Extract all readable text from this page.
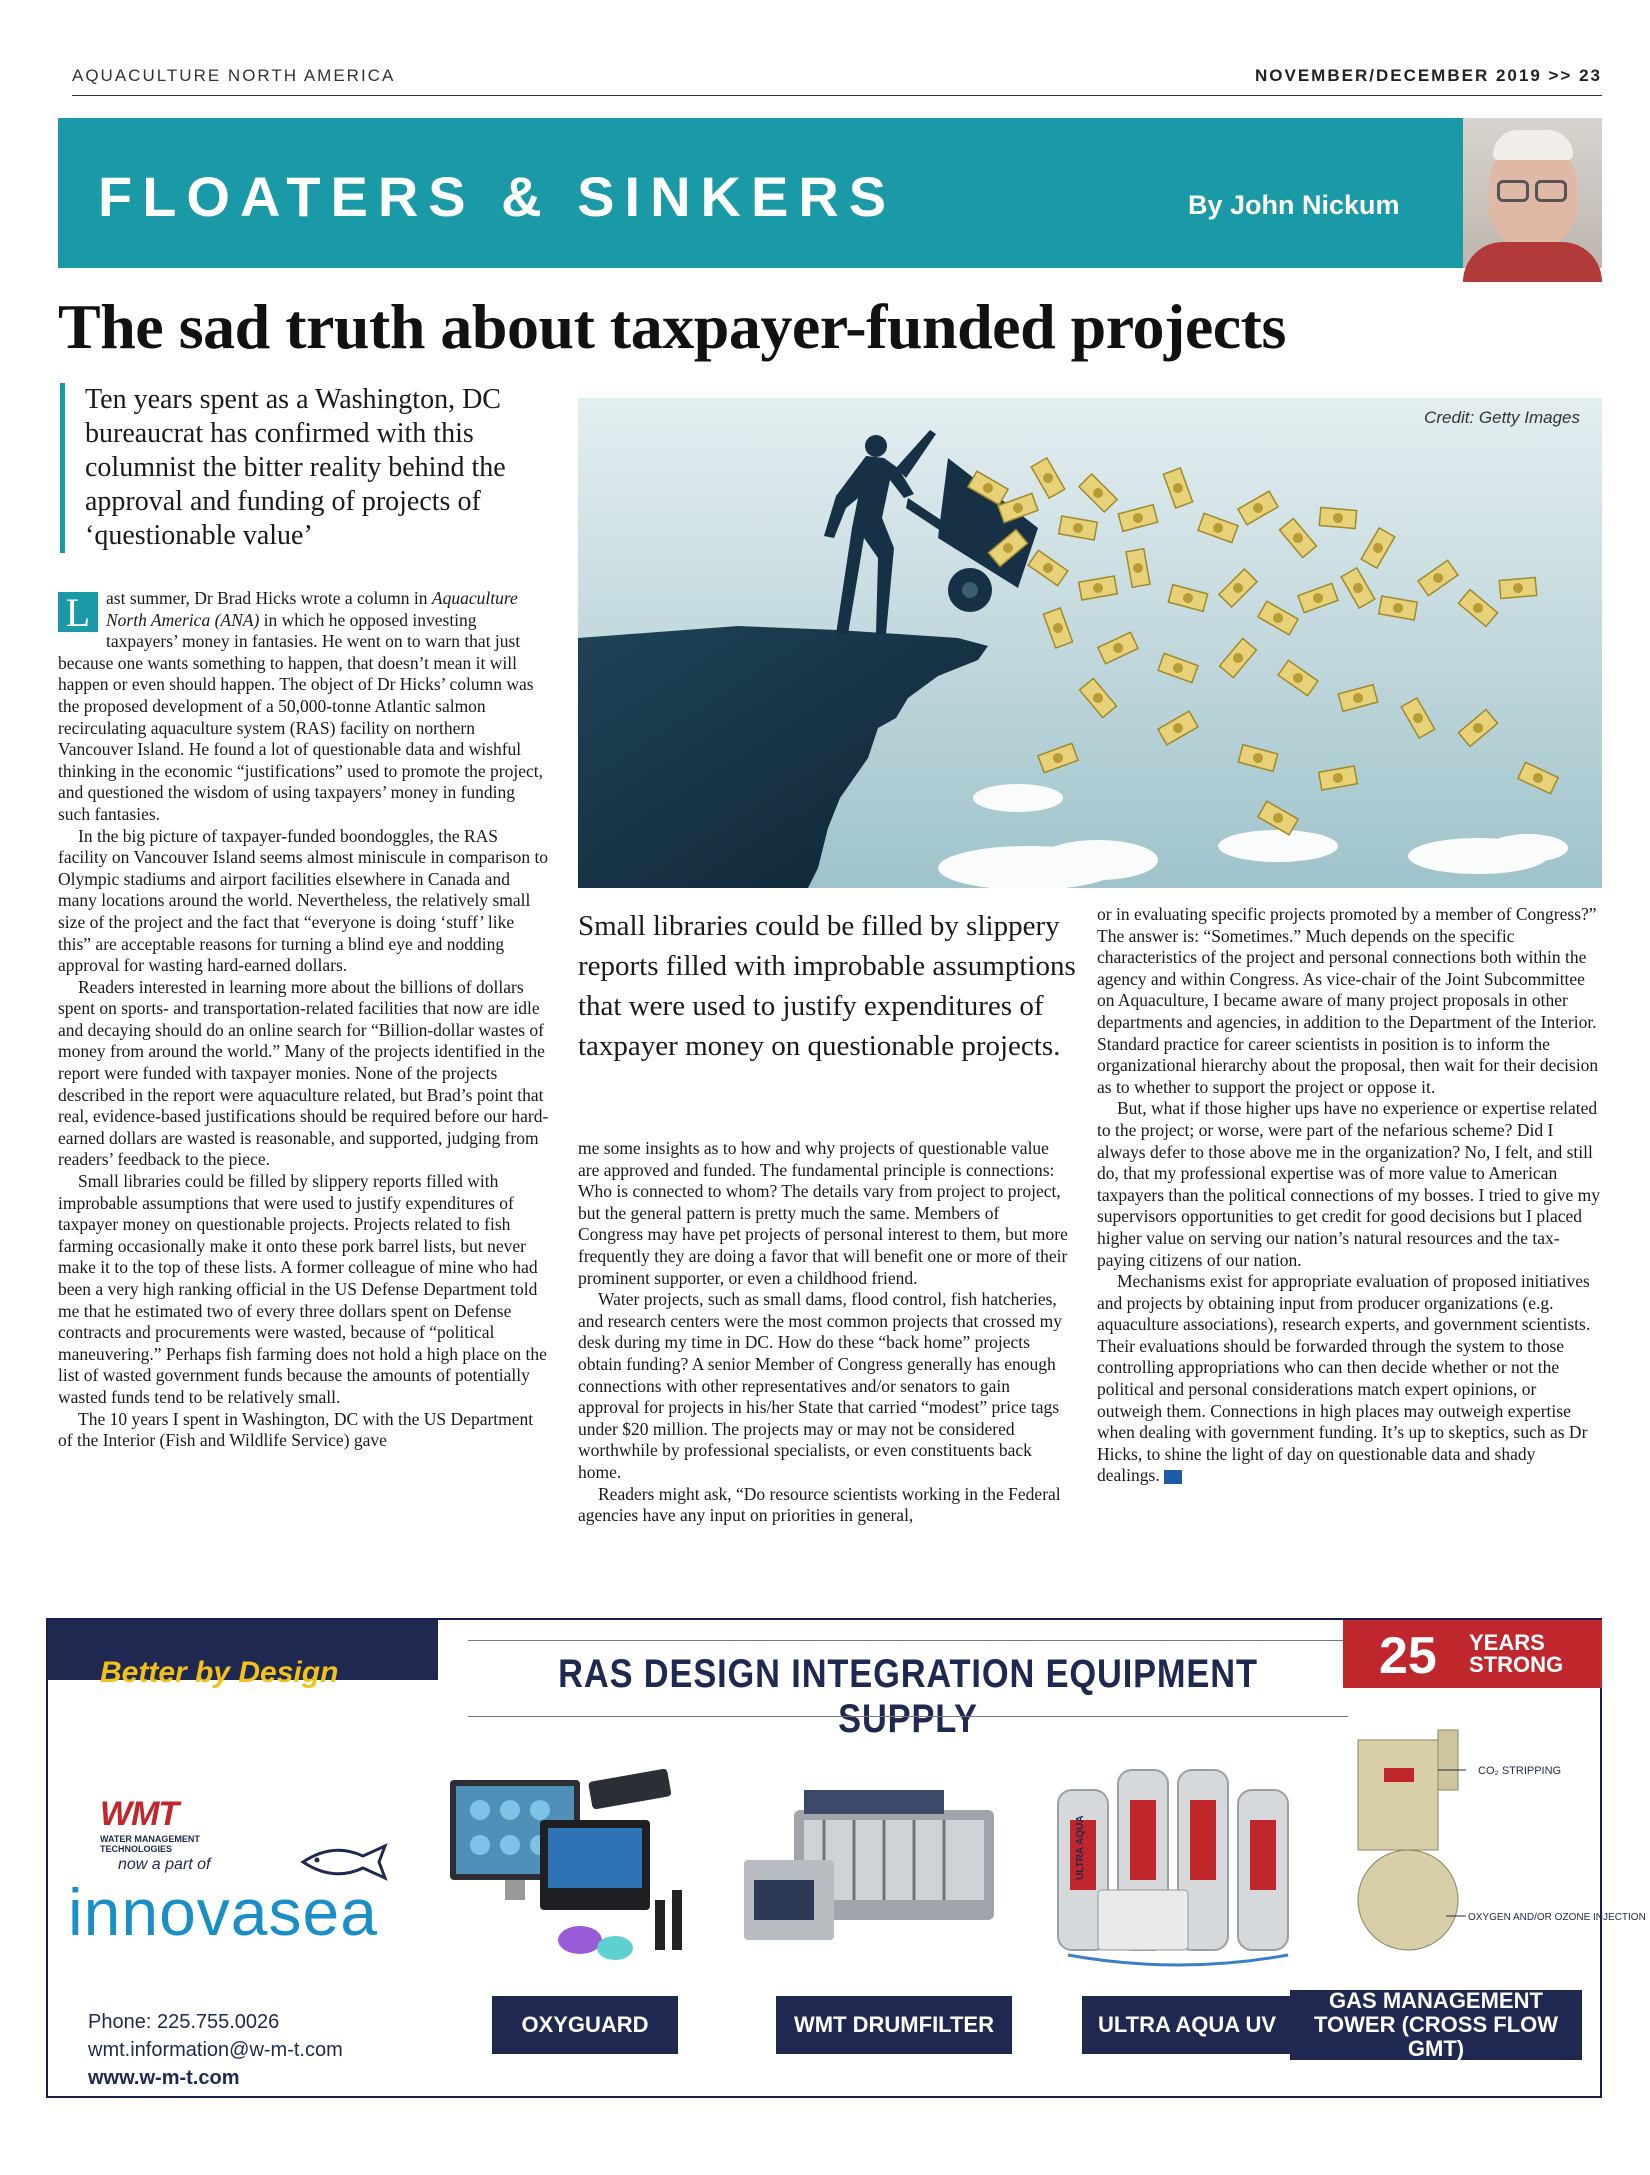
AQUACULTURE NORTH AMERICA	NOVEMBER/DECEMBER 2019 >> 23
FLOATERS & SINKERS	By John Nickum
The sad truth about taxpayer-funded projects
Ten years spent as a Washington, DC bureaucrat has confirmed with this columnist the bitter reality behind the approval and funding of projects of ‘questionable value’
Credit: Getty Images

L ast summer, Dr Brad Hicks wrote a column in Aquaculture North America (ANA) in which he opposed investing taxpayers’ money in fantasies. He went on to warn that just because one wants something to happen, that doesn’t mean it will happen or even should happen. The object of Dr Hicks’ column was the proposed development of a 50,000-tonne Atlantic salmon recirculating aquaculture system (RAS) facility on northern Vancouver Island. He found a lot of questionable data and wishful thinking in the economic “justifications” used to promote the project, and questioned the wisdom of using taxpayers’ money in funding such fantasies.

In the big picture of taxpayer-funded boondoggles, the RAS facility on Vancouver Island seems almost miniscule in comparison to Olympic stadiums and airport facilities elsewhere in Canada and many locations around the world. Nevertheless, the relatively small size of the project and the fact that “everyone is doing ‘stuff’ like this” are acceptable reasons for turning a blind eye and nodding approval for wasting hard-earned dollars.

Readers interested in learning more about the billions of dollars spent on sports- and transportation-related facilities that now are idle and decaying should do an online search for “Billion-dollar wastes of money from around the world.” Many of the projects identified in the report were funded with taxpayer monies. None of the projects described in the report were aquaculture related, but Brad’s point that real, evidence-based justifications should be required before our hard-earned dollars are wasted is reasonable, and supported, judging from readers’ feedback to the piece.

Small libraries could be filled by slippery reports filled with improbable assumptions that were used to justify expenditures of taxpayer money on questionable projects. Projects related to fish farming occasionally make it onto these pork barrel lists, but never make it to the top of these lists. A former colleague of mine who had been a very high ranking official in the US Defense Department told me that he estimated two of every three dollars spent on Defense contracts and procurements were wasted, because of “political maneuvering.” Perhaps fish farming does not hold a high place on the list of wasted government funds because the amounts of potentially wasted funds tend to be relatively small.

The 10 years I spent in Washington, DC with the US Department of the Interior (Fish and Wildlife Service) gave

Small libraries could be filled by slippery reports filled with improbable assumptions that were used to justify expenditures of taxpayer money on questionable projects.

me some insights as to how and why projects of questionable value are approved and funded. The fundamental principle is connections: Who is connected to whom? The details vary from project to project, but the general pattern is pretty much the same. Members of Congress may have pet projects of personal interest to them, but more frequently they are doing a favor that will benefit one or more of their prominent supporter, or even a childhood friend.

Water projects, such as small dams, flood control, fish hatcheries, and research centers were the most common projects that crossed my desk during my time in DC. How do these “back home” projects obtain funding? A senior Member of Congress generally has enough connections with other representatives and/or senators to gain approval for projects in his/her State that carried “modest” price tags under $20 million. The projects may or may not be considered worthwhile by professional specialists, or even constituents back home.

Readers might ask, “Do resource scientists working in the Federal agencies have any input on priorities in general,

or in evaluating specific projects promoted by a member of Congress?” The answer is: “Sometimes.” Much depends on the specific characteristics of the project and personal connections both within the agency and within Congress. As vice-chair of the Joint Subcommittee on Aquaculture, I became aware of many project proposals in other departments and agencies, in addition to the Department of the Interior. Standard practice for career scientists in position is to inform the organizational hierarchy about the proposal, then wait for their decision as to whether to support the project or oppose it.

But, what if those higher ups have no experience or expertise related to the project; or worse, were part of the nefarious scheme? Did I always defer to those above me in the organization? No, I felt, and still do, that my professional expertise was of more value to American taxpayers than the political connections of my bosses. I tried to give my supervisors opportunities to get credit for good decisions but I placed higher value on serving our nation’s natural resources and the tax-paying citizens of our nation.

Mechanisms exist for appropriate evaluation of proposed initiatives and projects by obtaining input from producer organizations (e.g. aquaculture associations), research experts, and government scientists. Their evaluations should be forwarded through the system to those controlling appropriations who can then decide whether or not the political and personal considerations match expert opinions, or outweigh them. Connections in high places may outweigh expertise when dealing with government funding. It’s up to skeptics, such as Dr Hicks, to shine the light of day on questionable data and shady dealings.	ANA

Better by Design	RAS DESIGN INTEGRATION EQUIPMENT SUPPLY
25 YEARS
STRONG
WMT
WATER MANAGEMENT TECHNOLOGIES
now a part of
innovasea
Phone: 225.755.0026
wmt.information@w-m-t.com
www.w-m-t.com
ULTRA AQUA
CO₂ STRIPPING
OXYGEN AND/OR OZONE INJECTION
OXYGUARD	WMT DRUMFILTER	ULTRA AQUA UV
GAS MANAGEMENT TOWER (CROSS FLOW GMT)
